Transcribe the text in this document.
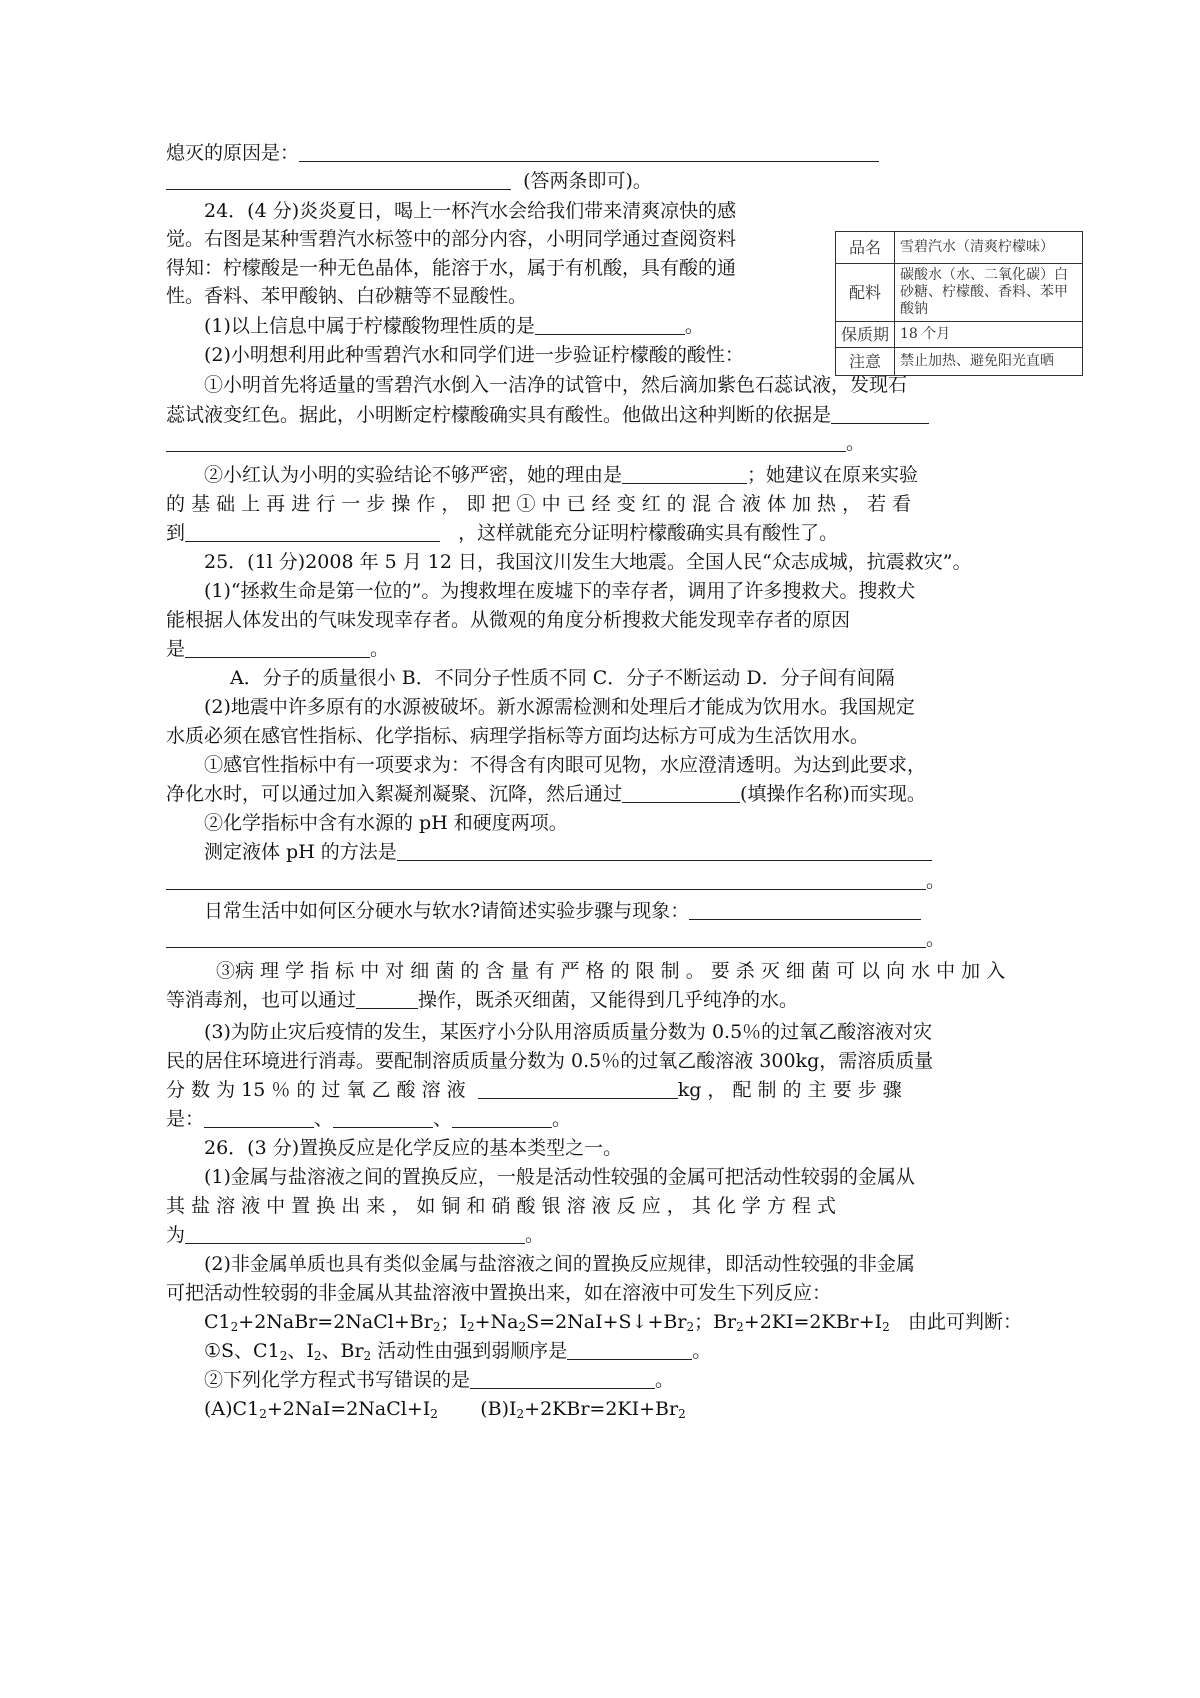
熄灭的原因是：
(答两条即可)。
24．(4 分)炎炎夏日，喝上一杯汽水会给我们带来清爽凉快的感
觉。右图是某种雪碧汽水标签中的部分内容，小明同学通过查阅资料
得知：柠檬酸是一种无色晶体，能溶于水，属于有机酸，具有酸的通
性。香料、苯甲酸钠、白砂糖等不显酸性。
品名	雪碧汽水（清爽柠檬味）
配料	碳酸水（水、二氧化碳）白砂糖、柠檬酸、香料、苯甲酸钠
保质期	18 个月
注意	禁止加热、避免阳光直晒
(1)以上信息中属于柠檬酸物理性质的是	。
(2)小明想利用此种雪碧汽水和同学们进一步验证柠檬酸的酸性：
①小明首先将适量的雪碧汽水倒入一洁净的试管中，然后滴加紫色石蕊试液，发现石
蕊试液变红色。据此，小明断定柠檬酸确实具有酸性。他做出这种判断的依据是
。
②小红认为小明的实验结论不够严密，她的理由是	；她建议在原来实验
的 基 础 上 再 进 行 一 步 操 作 ， 即 把 ① 中 已 经 变 红 的 混 合 液 体 加 热 ， 若 看
到	，这样就能充分证明柠檬酸确实具有酸性了。
25．(1l 分)2008 年 5 月 12 日，我国汶川发生大地震。全国人民“众志成城，抗震救灾”。
(1)“拯救生命是第一位的”。为搜救埋在废墟下的幸存者，调用了许多搜救犬。搜救犬
能根据人体发出的气味发现幸存者。从微观的角度分析搜救犬能发现幸存者的原因
是	。
A．分子的质量很小 B．不同分子性质不同 C．分子不断运动 D．分子间有间隔
(2)地震中许多原有的水源被破坏。新水源需检测和处理后才能成为饮用水。我国规定
水质必须在感官性指标、化学指标、病理学指标等方面均达标方可成为生活饮用水。
①感官性指标中有一项要求为：不得含有肉眼可见物，水应澄清透明。为达到此要求，
净化水时，可以通过加入絮凝剂凝聚、沉降，然后通过	(填操作名称)而实现。
②化学指标中含有水源的 pH 和硬度两项。
测定液体 pH 的方法是
。
日常生活中如何区分硬水与软水?请简述实验步骤与现象：
。
③病 理 学 指 标 中 对 细 菌 的 含 量 有 严 格 的 限 制 。 要 杀 灭 细 菌 可 以 向 水 中 加 入
等消毒剂，也可以通过	操作，既杀灭细菌，又能得到几乎纯净的水。
(3)为防止灾后疫情的发生，某医疗小分队用溶质质量分数为 0.5％的过氧乙酸溶液对灾
民的居住环境进行消毒。要配制溶质质量分数为 0.5％的过氧乙酸溶液 300kg，需溶质质量
分 数 为 15 ％ 的 过 氧 乙 酸 溶 液	kg ， 配 制 的 主 要 步 骤
是：	、	、	。
26．(3 分)置换反应是化学反应的基本类型之一。
(1)金属与盐溶液之间的置换反应，一般是活动性较强的金属可把活动性较弱的金属从
其 盐 溶 液 中 置 换 出 来 ， 如 铜 和 硝 酸 银 溶 液 反 应 ， 其 化 学 方 程 式
为	。
(2)非金属单质也具有类似金属与盐溶液之间的置换反应规律，即活动性较强的非金属
可把活动性较弱的非金属从其盐溶液中置换出来，如在溶液中可发生下列反应：
$C1_2+2NaBr=2NaCl+Br_2$；$I_2+Na_2S=2NaI+S↓+Br_2$；$Br_2+2KI=2KBr+I_2$ 由此可判断：
①S、$C1_2$、$I_2$、$Br_2$ 活动性由强到弱顺序是	。
②下列化学方程式书写错误的是	。
$(A)C1_2+2NaI=2NaCl+I_2$ $(B)I_2+2KBr=2KI+Br_2$
